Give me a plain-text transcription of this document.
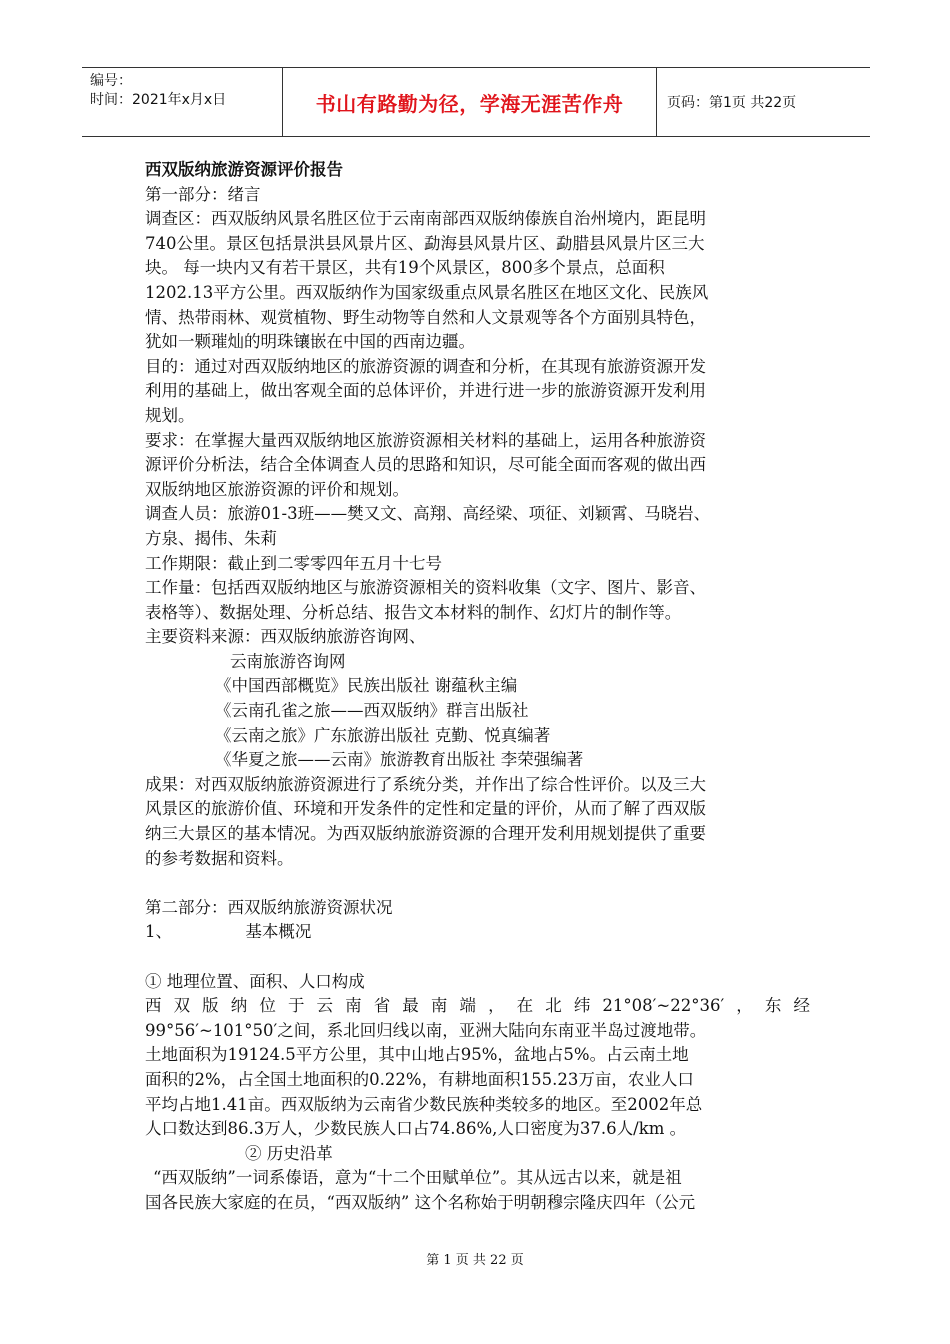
编号：
时间：2021年x月x日	书山有路勤为径，学海无涯苦作舟	页码：第1页 共22页

西双版纳旅游资源评价报告

第一部分：绪言

调查区：西双版纳风景名胜区位于云南南部西双版纳傣族自治州境内，距昆明

740公里。景区包括景洪县风景片区、勐海县风景片区、勐腊县风景片区三大

块。 每一块内又有若干景区，共有19个风景区，800多个景点，总面积

1202.13平方公里。西双版纳作为国家级重点风景名胜区在地区文化、民族风

情、热带雨林、观赏植物、野生动物等自然和人文景观等各个方面别具特色，

犹如一颗璀灿的明珠镶嵌在中国的西南边疆。

目的：通过对西双版纳地区的旅游资源的调查和分析，在其现有旅游资源开发

利用的基础上，做出客观全面的总体评价，并进行进一步的旅游资源开发利用

规划。

要求：在掌握大量西双版纳地区旅游资源相关材料的基础上，运用各种旅游资

源评价分析法，结合全体调查人员的思路和知识，尽可能全面而客观的做出西

双版纳地区旅游资源的评价和规划。

调查人员：旅游01-3班——樊又文、高翔、高经梁、项征、刘颖霄、马晓岩、

方泉、揭伟、朱莉

工作期限：截止到二零零四年五月十七号

工作量：包括西双版纳地区与旅游资源相关的资料收集（文字、图片、影音、

表格等）、数据处理、分析总结、报告文本材料的制作、幻灯片的制作等。

主要资料来源：西双版纳旅游咨询网、

云南旅游咨询网

《中国西部概览》民族出版社 谢蕴秋主编

《云南孔雀之旅——西双版纳》群言出版社

《云南之旅》广东旅游出版社 克勤、悦真编著

《华夏之旅——云南》旅游教育出版社 李荣强编著

成果：对西双版纳旅游资源进行了系统分类，并作出了综合性评价。以及三大

风景区的旅游价值、环境和开发条件的定性和定量的评价，从而了解了西双版

纳三大景区的基本情况。为西双版纳旅游资源的合理开发利用规划提供了重要

的参考数据和资料。

第二部分：西双版纳旅游资源状况

1、              基本概况

① 地理位置、面积、人口构成

西双版纳位于云南省最南端，在北纬21°08′~22°36′，东经

99°56′~101°50′之间，系北回归线以南，亚洲大陆向东南亚半岛过渡地带。

土地面积为19124.5平方公里，其中山地占95%，盆地占5%。占云南土地

面积的2%，占全国土地面积的0.22%，有耕地面积155.23万亩，农业人口

平均占地1.41亩。西双版纳为云南省少数民族种类较多的地区。至2002年总

人口数达到86.3万人，少数民族人口占74.86%,人口密度为37.6人/km 。

② 历史沿革

“西双版纳”一词系傣语，意为“十二个田赋单位”。其从远古以来，就是祖

国各民族大家庭的在员，“西双版纳” 这个名称始于明朝穆宗隆庆四年（公元

第 1 页 共 22 页
